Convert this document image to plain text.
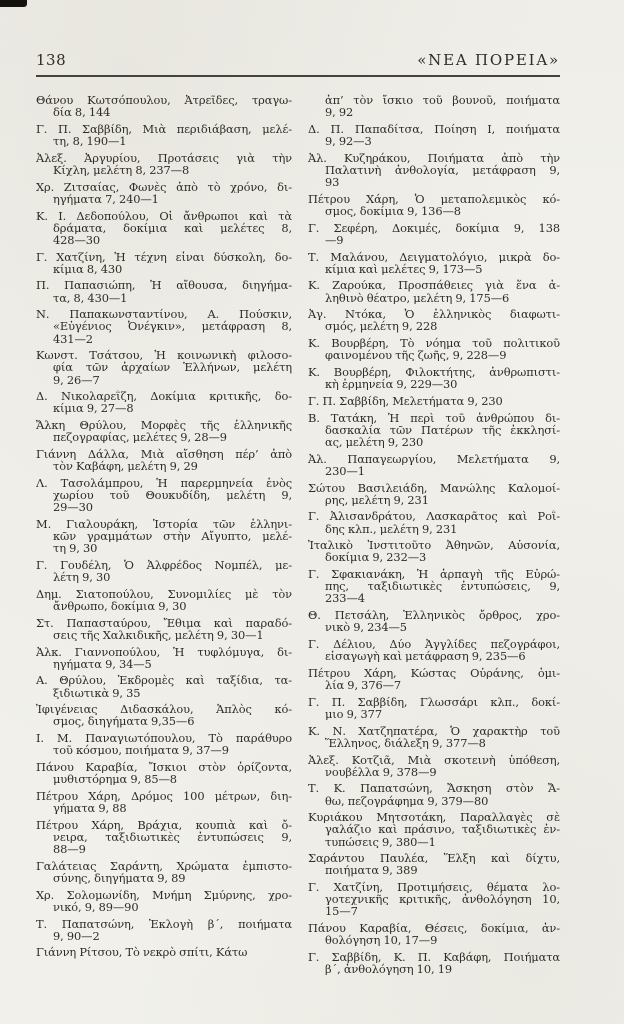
138	«ΝΕΑ ΠΟΡΕΙΑ»

Θάνου Κωτσόπουλου, Ἀτρεῖδες, τραγω-
δία 8, 144

Γ. Π. Σαββίδη, Μιὰ περιδιάβαση, μελέ-
τη, 8, 190—1

Ἀλεξ. Ἀργυρίου, Προτάσεις γιὰ τὴν
Κίχλη, μελέτη 8, 237—8

Χρ. Ζιτσαίας, Φωνὲς ἀπὸ τὸ χρόνο, δι-
ηγήματα 7, 240—1

Κ. Ι. Δεδοπούλου, Οἱ ἄνθρωποι καὶ τὰ
δράματα, δοκίμια καὶ μελέτες 8,
428—30

Γ. Χατζίνη, Ἡ τέχνη εἶναι δύσκολη, δο-
κίμια 8, 430

Π. Παπασιώπη, Ἡ αἴθουσα, διηγήμα-
τα, 8, 430—1

Ν. Παπακωνσταντίνου, Α. Πούσκιν,
«Εὐγένιος Ὀνέγκιν», μετάφραση 8,
431—2

Κωνστ. Τσάτσου, Ἡ κοινωνικὴ φιλοσο-
φία τῶν ἀρχαίων Ἑλλήνων, μελέτη
9, 26—7

Δ. Νικολαρεΐζη, Δοκίμια κριτικῆς, δο-
κίμια 9, 27—8

Ἄλκη Θρύλου, Μορφὲς τῆς ἑλληνικῆς
πεζογραφίας, μελέτες 9, 28—9

Γιάννη Δάλλα, Μιὰ αἴσθηση πέρ’ ἀπὸ
τὸν Καβάφη, μελέτη 9, 29

Λ. Τασολάμπρου, Ἡ παρερμηνεία ἑνὸς
χωρίου τοῦ Θουκυδίδη, μελέτη 9,
29—30

Μ. Γιαλουράκη, Ἱστορία τῶν ἑλληνι-
κῶν γραμμάτων στὴν Αἴγυπτο, μελέ-
τη 9, 30

Γ. Γουδέλη, Ὁ Ἀλφρέδος Νομπέλ, με-
λέτη 9, 30

Δημ. Σιατοπούλου, Συνομιλίες μὲ τὸν
ἄνθρωπο, δοκίμια 9, 30

Στ. Παπασταύρου, Ἔθιμα καὶ παραδό-
σεις τῆς Χαλκιδικῆς, μελέτη 9, 30—1

Ἀλκ. Γιαννοπούλου, Ἡ τυφλόμυγα, δι-
ηγήματα 9, 34—5

Α. Θρύλου, Ἐκδρομὲς καὶ ταξίδια, τα-
ξιδιωτικὰ 9, 35

Ἰφιγένειας Διδασκάλου, Ἁπλὸς κό-
σμος, διηγήματα 9,35—6

Ι. Μ. Παναγιωτόπουλου, Τὸ παράθυρο
τοῦ κόσμου, ποιήματα 9, 37—9

Πάνου Καραβία, Ἴσκιοι στὸν ὁρίζοντα,
μυθιστόρημα 9, 85—8

Πέτρου Χάρη, Δρόμος 100 μέτρων, διη-
γήματα 9, 88

Πέτρου Χάρη, Βράχια, κουπιὰ καὶ ὄ-
νειρα, ταξιδιωτικὲς ἐντυπώσεις 9,
88—9

Γαλάτειας Σαράντη, Χρώματα ἐμπιστο-
σύνης, διηγήματα 9, 89

Χρ. Σολομωνίδη, Μνήμη Σμύρνης, χρο-
νικό, 9, 89—90

Τ. Παπατσώνη, Ἐκλογὴ β΄, ποιήματα
9, 90—2

Γιάννη Ρίτσου, Τὸ νεκρὸ σπίτι, Κάτω

ἀπ’ τὸν ἴσκιο τοῦ βουνοῦ, ποιήματα
9, 92

Δ. Π. Παπαδίτσα, Ποίηση Ι, ποιήματα
9, 92—3

Ἀλ. Κυζηράκου, Ποιήματα ἀπὸ τὴν
Παλατινὴ ἀνθολογία, μετάφραση 9,
93

Πέτρου Χάρη, Ὁ μεταπολεμικὸς κό-
σμος, δοκίμια 9, 136—8

Γ. Σεφέρη, Δοκιμές, δοκίμια 9, 138
—9

Τ. Μαλάνου, Δειγματολόγιο, μικρὰ δο-
κίμια καὶ μελέτες 9, 173—5

Κ. Ζαρούκα, Προσπάθειες γιὰ ἕνα ἀ-
ληθινὸ θέατρο, μελέτη 9, 175—6

Ἀγ. Ντόκα, Ὁ ἑλληνικὸς διαφωτι-
σμός, μελέτη 9, 228

Κ. Βουρβέρη, Τὸ νόημα τοῦ πολιτικοῦ
φαινομένου τῆς ζωῆς, 9, 228—9

Κ. Βουρβέρη, Φιλοκτήτης, ἀνθρωπιστι-
κὴ ἑρμηνεία 9, 229—30

Γ. Π. Σαββίδη, Μελετήματα 9, 230

Β. Τατάκη, Ἡ περὶ τοῦ ἀνθρώπου δι-
δασκαλία τῶν Πατέρων τῆς ἐκκλησί-
ας, μελέτη 9, 230

Ἀλ. Παπαγεωργίου, Μελετήματα 9,
230—1

Σώτου Βασιλειάδη, Μανώλης Καλομοί-
ρης, μελέτη 9, 231

Γ. Ἀλισανδράτου, Λασκαρᾶτος καὶ Ροΐ-
δης κλπ., μελέτη 9, 231

Ἰταλικὸ Ἰνστιτοῦτο Ἀθηνῶν, Αὐσονία,
δοκίμια 9, 232—3

Γ. Σφακιανάκη, Ἡ ἁρπαγὴ τῆς Εὐρώ-
πης, ταξιδιωτικὲς ἐντυπώσεις, 9,
233—4

Θ. Πετσάλη, Ἑλληνικὸς ὄρθρος, χρο-
νικὸ 9, 234—5

Γ. Δέλιου, Δύο Ἀγγλίδες πεζογράφοι,
εἰσαγωγὴ καὶ μετάφραση 9, 235—6

Πέτρου Χάρη, Κώστας Οὐράνης, ὁμι-
λία 9, 376—7

Γ. Π. Σαββίδη, Γλωσσάρι κλπ., δοκί-
μιο 9, 377

Κ. Ν. Χατζηπατέρα, Ὁ χαρακτὴρ τοῦ
Ἕλληνος, διάλεξη 9, 377—8

Ἀλεξ. Κοτζιᾶ, Μιὰ σκοτεινὴ ὑπόθεση,
νουβέλλα 9, 378—9

Τ. Κ. Παπατσώνη, Ἄσκηση στὸν Ἄ-
θω, πεζογράφημα 9, 379—80

Κυριάκου Μητσοτάκη, Παραλλαγὲς σὲ
γαλάζιο καὶ πράσινο, ταξιδιωτικὲς ἐν-
τυπώσεις 9, 380—1

Σαράντου Παυλέα, Ἕλξη καὶ δίχτυ,
ποιήματα 9, 389

Γ. Χατζίνη, Προτιμήσεις, θέματα λο-
γοτεχνικῆς κριτικῆς, ἀνθολόγηση 10,
15—7

Πάνου Καραβία, Θέσεις, δοκίμια, ἀν-
θολόγηση 10, 17—9

Γ. Σαββίδη, Κ. Π. Καβάφη, Ποιήματα
β΄, ἀνθολόγηση 10, 19
